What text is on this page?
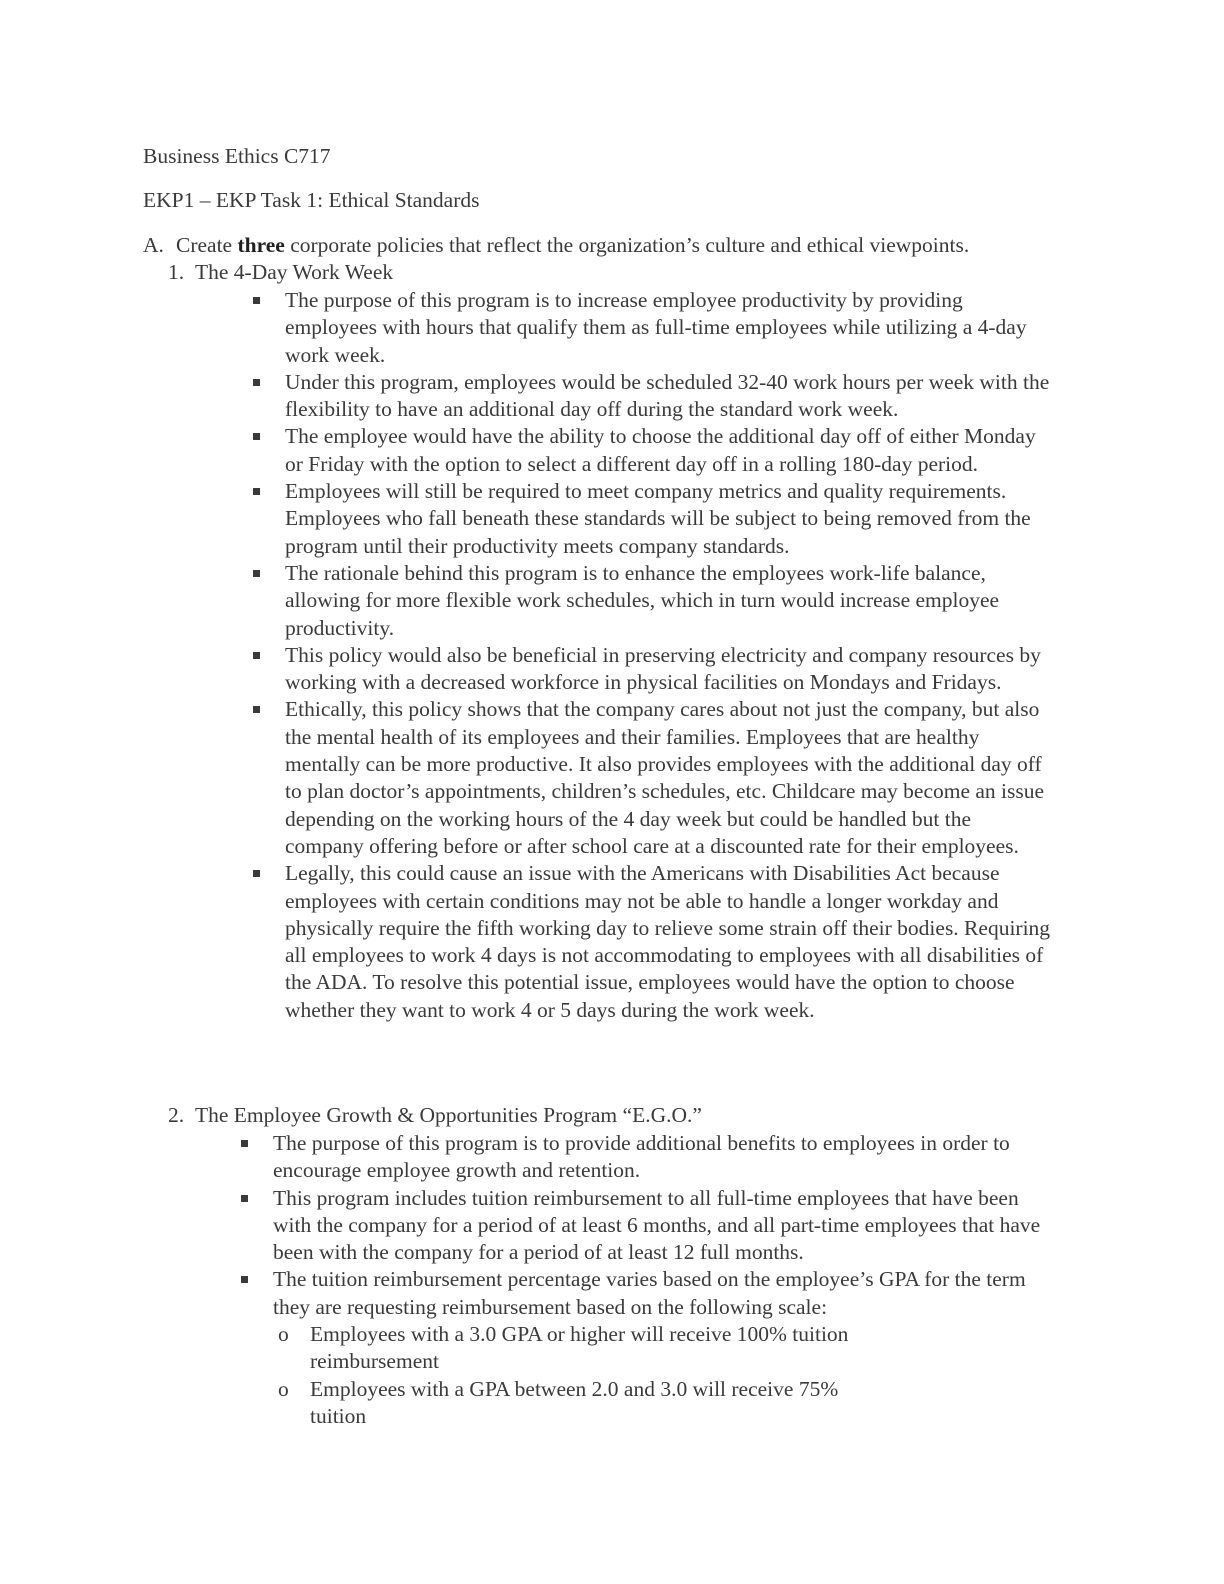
Business Ethics C717

EKP1 – EKP Task 1: Ethical Standards

A. Create three corporate policies that reflect the organization’s culture and ethical viewpoints.
1. The 4-Day Work Week
The purpose of this program is to increase employee productivity by providing employees with hours that qualify them as full-time employees while utilizing a 4-day work week.
Under this program, employees would be scheduled 32-40 work hours per week with the flexibility to have an additional day off during the standard work week.
The employee would have the ability to choose the additional day off of either Monday or Friday with the option to select a different day off in a rolling 180-day period.
Employees will still be required to meet company metrics and quality requirements. Employees who fall beneath these standards will be subject to being removed from the program until their productivity meets company standards.
The rationale behind this program is to enhance the employees work-life balance, allowing for more flexible work schedules, which in turn would increase employee productivity.
This policy would also be beneficial in preserving electricity and company resources by working with a decreased workforce in physical facilities on Mondays and Fridays.
Ethically, this policy shows that the company cares about not just the company, but also the mental health of its employees and their families. Employees that are healthy mentally can be more productive. It also provides employees with the additional day off to plan doctor’s appointments, children’s schedules, etc. Childcare may become an issue depending on the working hours of the 4 day week but could be handled but the company offering before or after school care at a discounted rate for their employees.
Legally, this could cause an issue with the Americans with Disabilities Act because employees with certain conditions may not be able to handle a longer workday and physically require the fifth working day to relieve some strain off their bodies. Requiring all employees to work 4 days is not accommodating to employees with all disabilities of the ADA. To resolve this potential issue, employees would have the option to choose whether they want to work 4 or 5 days during the work week.
2. The Employee Growth & Opportunities Program “E.G.O.”
The purpose of this program is to provide additional benefits to employees in order to encourage employee growth and retention.
This program includes tuition reimbursement to all full-time employees that have been with the company for a period of at least 6 months, and all part-time employees that have been with the company for a period of at least 12 full months.
The tuition reimbursement percentage varies based on the employee’s GPA for the term they are requesting reimbursement based on the following scale:
o Employees with a 3.0 GPA or higher will receive 100% tuition reimbursement
o Employees with a GPA between 2.0 and 3.0 will receive 75% tuition
